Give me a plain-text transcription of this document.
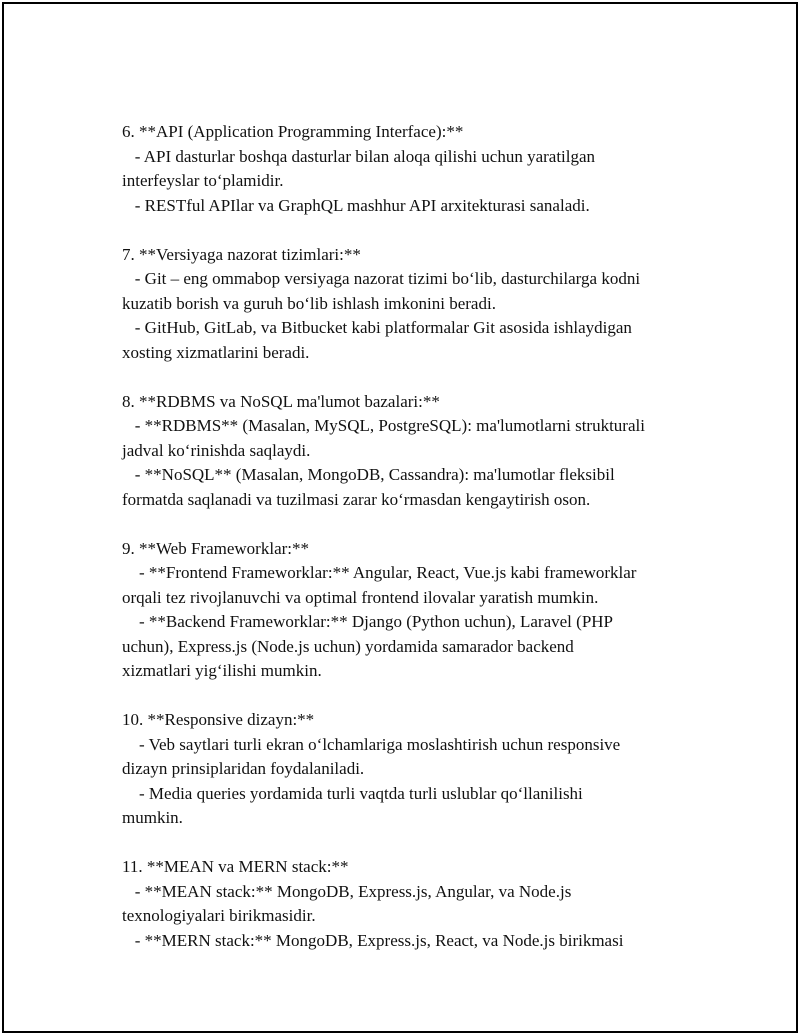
6. **API (Application Programming Interface):**
- API dasturlar boshqa dasturlar bilan aloqa qilishi uchun yaratilgan
interfeyslar to‘plamidir.
- RESTful APIlar va GraphQL mashhur API arxitekturasi sanaladi.
7. **Versiyaga nazorat tizimlari:**
- Git – eng ommabop versiyaga nazorat tizimi bo‘lib, dasturchilarga kodni
kuzatib borish va guruh bo‘lib ishlash imkonini beradi.
- GitHub, GitLab, va Bitbucket kabi platformalar Git asosida ishlaydigan
xosting xizmatlarini beradi.
8. **RDBMS va NoSQL ma'lumot bazalari:**
- **RDBMS** (Masalan, MySQL, PostgreSQL): ma'lumotlarni strukturali
jadval ko‘rinishda saqlaydi.
- **NoSQL** (Masalan, MongoDB, Cassandra): ma'lumotlar fleksibil
formatda saqlanadi va tuzilmasi zarar ko‘rmasdan kengaytirish oson.
9. **Web Frameworklar:**
- **Frontend Frameworklar:** Angular, React, Vue.js kabi frameworklar
orqali tez rivojlanuvchi va optimal frontend ilovalar yaratish mumkin.
- **Backend Frameworklar:** Django (Python uchun), Laravel (PHP
uchun), Express.js (Node.js uchun) yordamida samarador backend
xizmatlari yig‘ilishi mumkin.
10. **Responsive dizayn:**
- Veb saytlari turli ekran o‘lchamlariga moslashtirish uchun responsive
dizayn prinsiplaridan foydalaniladi.
- Media queries yordamida turli vaqtda turli uslublar qo‘llanilishi
mumkin.
11. **MEAN va MERN stack:**
- **MEAN stack:** MongoDB, Express.js, Angular, va Node.js
texnologiyalari birikmasidir.
- **MERN stack:** MongoDB, Express.js, React, va Node.js birikmasi
